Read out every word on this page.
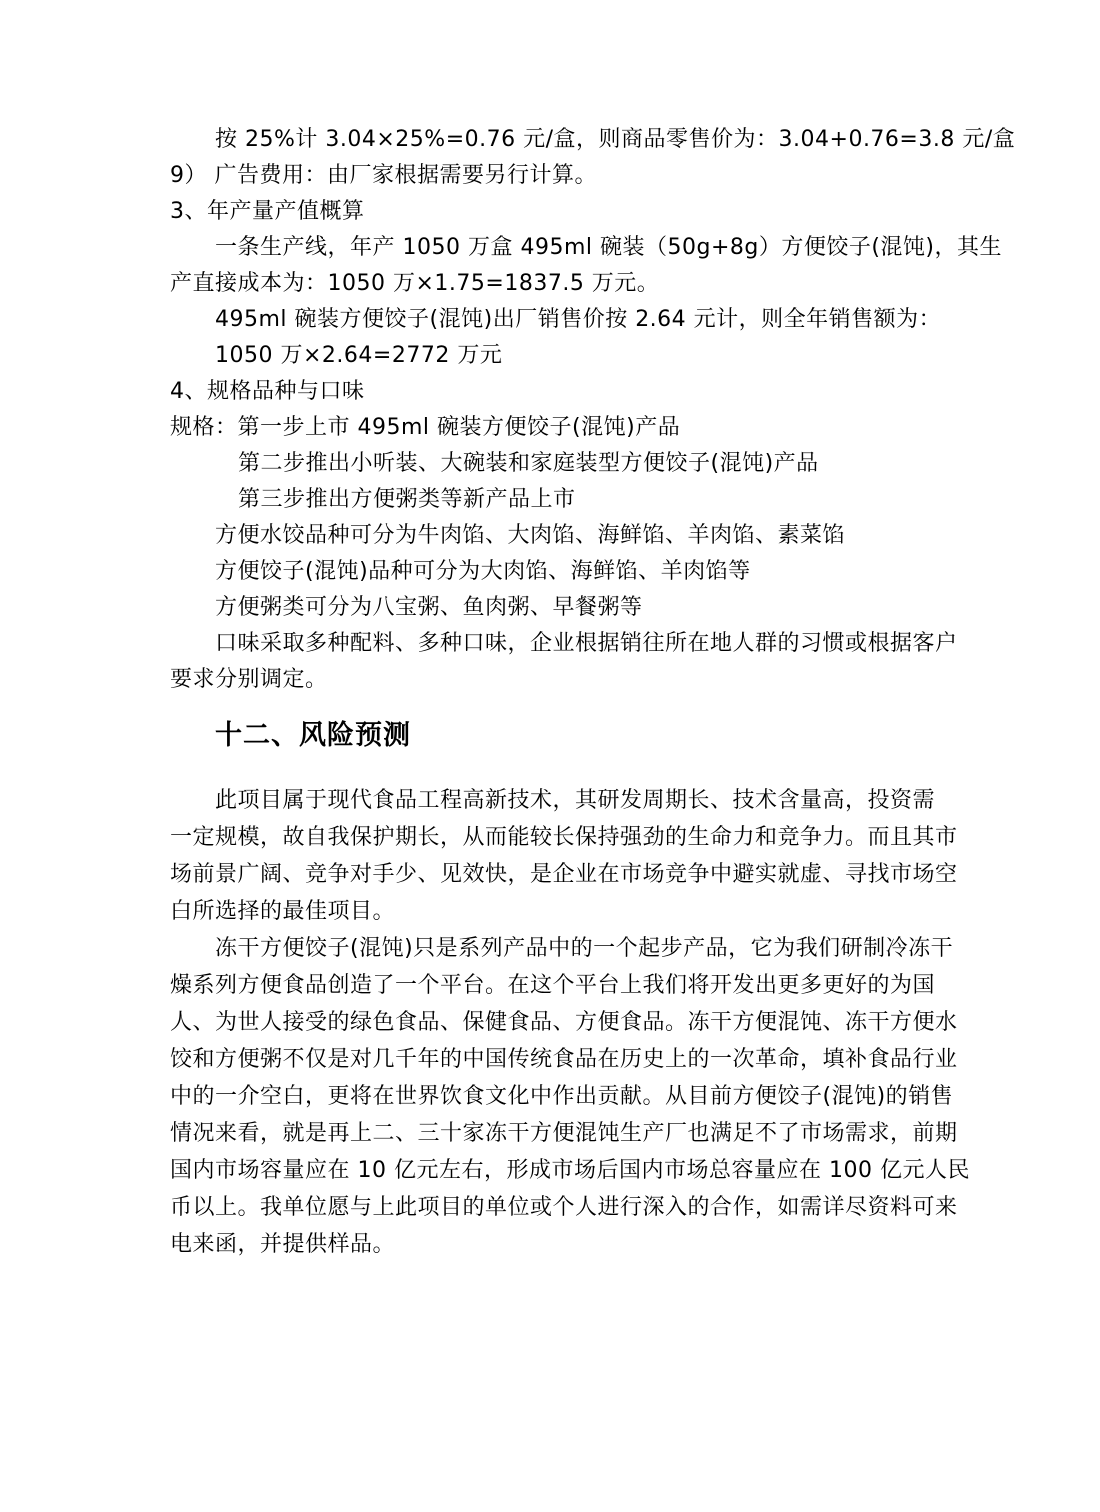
按 25%计 3.04×25%=0.76 元/盒，则商品零售价为：3.04+0.76=3.8 元/盒
9） 广告费用：由厂家根据需要另行计算。
3、年产量产值概算
一条生产线，年产 1050 万盒 495ml 碗装（50g+8g）方便饺子(混饨)，其生
产直接成本为：1050 万×1.75=1837.5 万元。
495ml 碗装方便饺子(混饨)出厂销售价按 2.64 元计，则全年销售额为：
1050 万×2.64=2772 万元
4、规格品种与口味
规格：第一步上市 495ml 碗装方便饺子(混饨)产品
第二步推出小听装、大碗装和家庭装型方便饺子(混饨)产品
第三步推出方便粥类等新产品上市
方便水饺品种可分为牛肉馅、大肉馅、海鲜馅、羊肉馅、素菜馅
方便饺子(混饨)品种可分为大肉馅、海鲜馅、羊肉馅等
方便粥类可分为八宝粥、鱼肉粥、早餐粥等
口味采取多种配料、多种口味，企业根据销往所在地人群的习惯或根据客户
要求分别调定。
十二、风险预测
此项目属于现代食品工程高新技术，其研发周期长、技术含量高，投资需
一定规模，故自我保护期长，从而能较长保持强劲的生命力和竞争力。而且其市
场前景广阔、竞争对手少、见效快，是企业在市场竞争中避实就虚、寻找市场空
白所选择的最佳项目。
冻干方便饺子(混饨)只是系列产品中的一个起步产品，它为我们研制冷冻干
燥系列方便食品创造了一个平台。在这个平台上我们将开发出更多更好的为国
人、为世人接受的绿色食品、保健食品、方便食品。冻干方便混饨、冻干方便水
饺和方便粥不仅是对几千年的中国传统食品在历史上的一次革命，填补食品行业
中的一介空白，更将在世界饮食文化中作出贡献。从目前方便饺子(混饨)的销售
情况来看，就是再上二、三十家冻干方便混饨生产厂也满足不了市场需求，前期
国内市场容量应在 10 亿元左右，形成市场后国内市场总容量应在 100 亿元人民
币以上。我单位愿与上此项目的单位或个人进行深入的合作，如需详尽资料可来
电来函，并提供样品。
